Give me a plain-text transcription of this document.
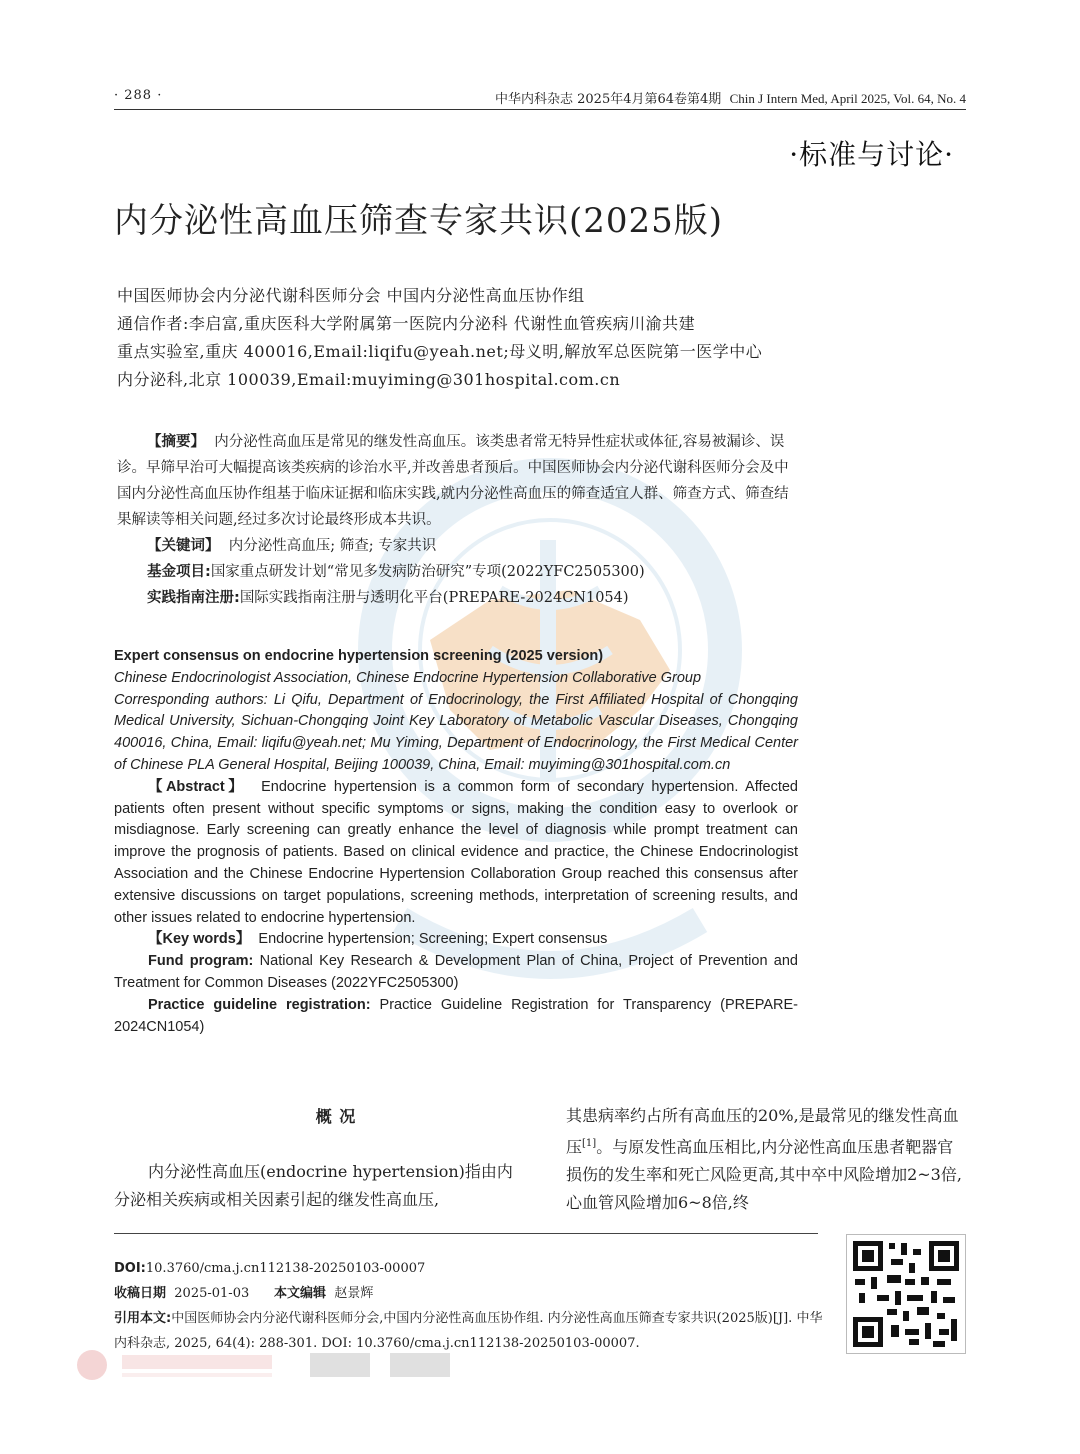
· 288 ·	中华内科杂志 2025年4月第64卷第4期 Chin J Intern Med, April 2025, Vol. 64, No. 4
·标准与讨论·
内分泌性高血压筛查专家共识(2025版)

中国医师协会内分泌代谢科医师分会 中国内分泌性高血压协作组

通信作者:李启富,重庆医科大学附属第一医院内分泌科 代谢性血管疾病川渝共建

重点实验室,重庆 400016,Email:liqifu@yeah.net;母义明,解放军总医院第一医学中心

内分泌科,北京 100039,Email:muyiming@301hospital.com.cn

【摘要】 内分泌性高血压是常见的继发性高血压。该类患者常无特异性症状或体征,容易被漏诊、误诊。早筛早治可大幅提高该类疾病的诊治水平,并改善患者预后。中国医师协会内分泌代谢科医师分会及中国内分泌性高血压协作组基于临床证据和临床实践,就内分泌性高血压的筛查适宜人群、筛查方式、筛查结果解读等相关问题,经过多次讨论最终形成本共识。

【关键词】 内分泌性高血压; 筛查; 专家共识

基金项目:国家重点研发计划“常见多发病防治研究”专项(2022YFC2505300)

实践指南注册:国际实践指南注册与透明化平台(PREPARE-2024CN1054)

Expert consensus on endocrine hypertension screening (2025 version)

Chinese Endocrinologist Association, Chinese Endocrine Hypertension Collaborative Group

Corresponding authors: Li Qifu, Department of Endocrinology, the First Affiliated Hospital of Chongqing Medical University, Sichuan-Chongqing Joint Key Laboratory of Metabolic Vascular Diseases, Chongqing 400016, China, Email: liqifu@yeah.net; Mu Yiming, Department of Endocrinology, the First Medical Center of Chinese PLA General Hospital, Beijing 100039, China, Email: muyiming@301hospital.com.cn

【Abstract】 Endocrine hypertension is a common form of secondary hypertension. Affected patients often present without specific symptoms or signs, making the condition easy to overlook or misdiagnose. Early screening can greatly enhance the level of diagnosis while prompt treatment can improve the prognosis of patients. Based on clinical evidence and practice, the Chinese Endocrinologist Association and the Chinese Endocrine Hypertension Collaboration Group reached this consensus after extensive discussions on target populations, screening methods, interpretation of screening results, and other issues related to endocrine hypertension.

【Key words】 Endocrine hypertension; Screening; Expert consensus

Fund program: National Key Research & Development Plan of China, Project of Prevention and Treatment for Common Diseases (2022YFC2505300)

Practice guideline registration: Practice Guideline Registration for Transparency (PREPARE-2024CN1054)

概 况

内分泌性高血压(endocrine hypertension)指由内分泌相关疾病或相关因素引起的继发性高血压,

其患病率约占所有高血压的20%,是最常见的继发性高血压[1]。与原发性高血压相比,内分泌性高血压患者靶器官损伤的发生率和死亡风险更高,其中卒中风险增加2~3倍,心血管风险增加6~8倍,终

DOI:10.3760/cma.j.cn112138-20250103-00007

收稿日期 2025-01-03 本文编辑 赵景辉

引用本文:中国医师协会内分泌代谢科医师分会,中国内分泌性高血压协作组. 内分泌性高血压筛查专家共识(2025版)[J]. 中华内科杂志, 2025, 64(4): 288-301. DOI: 10.3760/cma.j.cn112138-20250103-00007.
